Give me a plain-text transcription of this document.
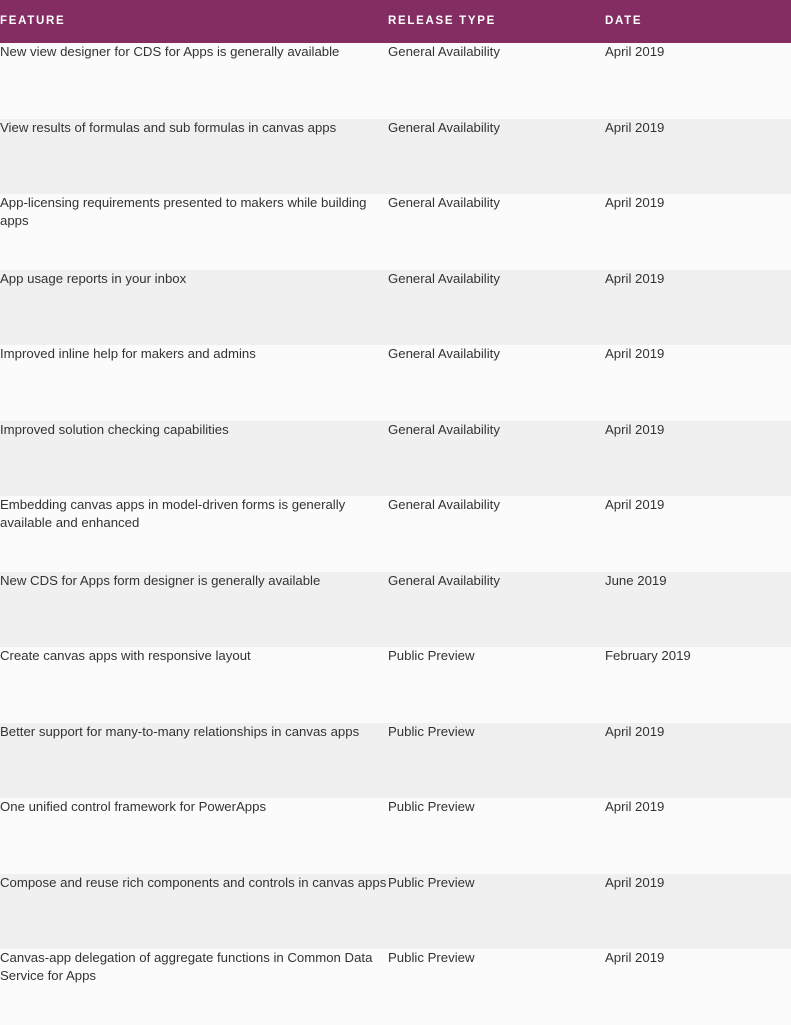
FEATURE	RELEASE TYPE	DATE
New view designer for CDS for Apps is generally available	General Availability	April 2019
View results of formulas and sub formulas in canvas apps	General Availability	April 2019
App-licensing requirements presented to makers while building apps	General Availability	April 2019
App usage reports in your inbox	General Availability	April 2019
Improved inline help for makers and admins	General Availability	April 2019
Improved solution checking capabilities	General Availability	April 2019
Embedding canvas apps in model-driven forms is generally available and enhanced	General Availability	April 2019
New CDS for Apps form designer is generally available	General Availability	June 2019
Create canvas apps with responsive layout	Public Preview	February 2019
Better support for many-to-many relationships in canvas apps	Public Preview	April 2019
One unified control framework for PowerApps	Public Preview	April 2019
Compose and reuse rich components and controls in canvas apps	Public Preview	April 2019
Canvas-app delegation of aggregate functions in Common Data Service for Apps	Public Preview	April 2019
